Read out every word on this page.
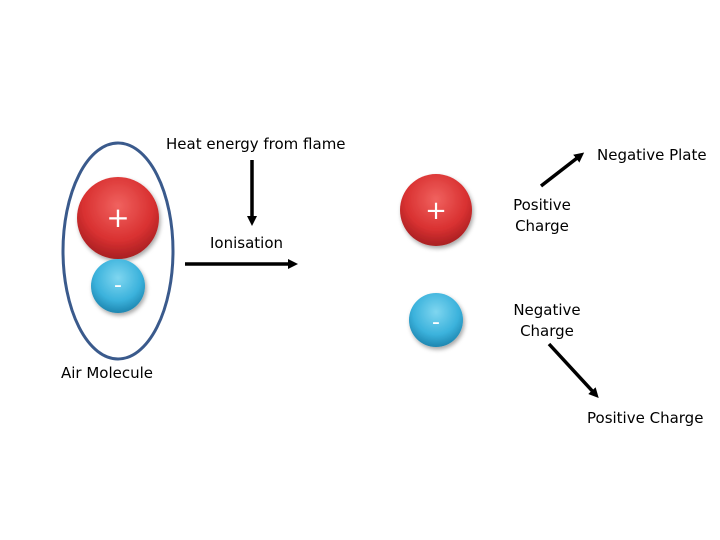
+
-
+
-
Heat energy from flame
Ionisation
Air Molecule
Negative Plate
Positive
Charge
Negative
Charge
Positive Charge
